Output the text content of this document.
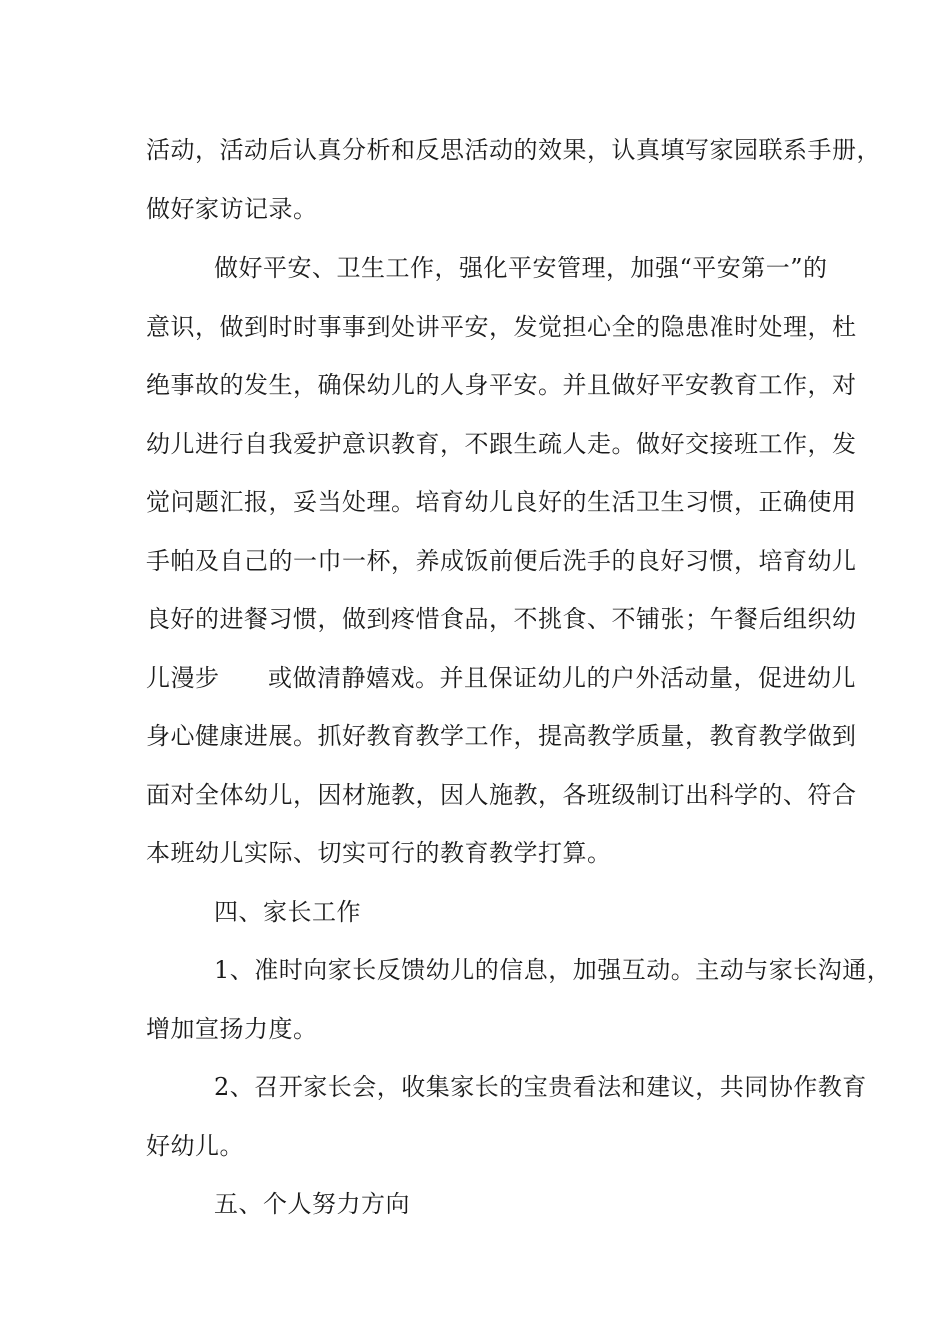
活动，活动后认真分析和反思活动的效果，认真填写家园联系手册，
做好家访记录。
做好平安、卫生工作，强化平安管理，加强“平安第一”的
意识，做到时时事事到处讲平安，发觉担心全的隐患准时处理，杜
绝事故的发生，确保幼儿的人身平安。并且做好平安教育工作，对
幼儿进行自我爱护意识教育，不跟生疏人走。做好交接班工作，发
觉问题汇报，妥当处理。培育幼儿良好的生活卫生习惯，正确使用
手帕及自己的一巾一杯，养成饭前便后洗手的良好习惯，培育幼儿
良好的进餐习惯，做到疼惜食品，不挑食、不铺张；午餐后组织幼
儿漫步 或做清静嬉戏。并且保证幼儿的户外活动量，促进幼儿
身心健康进展。抓好教育教学工作，提高教学质量，教育教学做到
面对全体幼儿，因材施教，因人施教，各班级制订出科学的、符合
本班幼儿实际、切实可行的教育教学打算。
四、家长工作
1、准时向家长反馈幼儿的信息，加强互动。主动与家长沟通，
增加宣扬力度。
2、召开家长会，收集家长的宝贵看法和建议，共同协作教育
好幼儿。
五、个人努力方向
